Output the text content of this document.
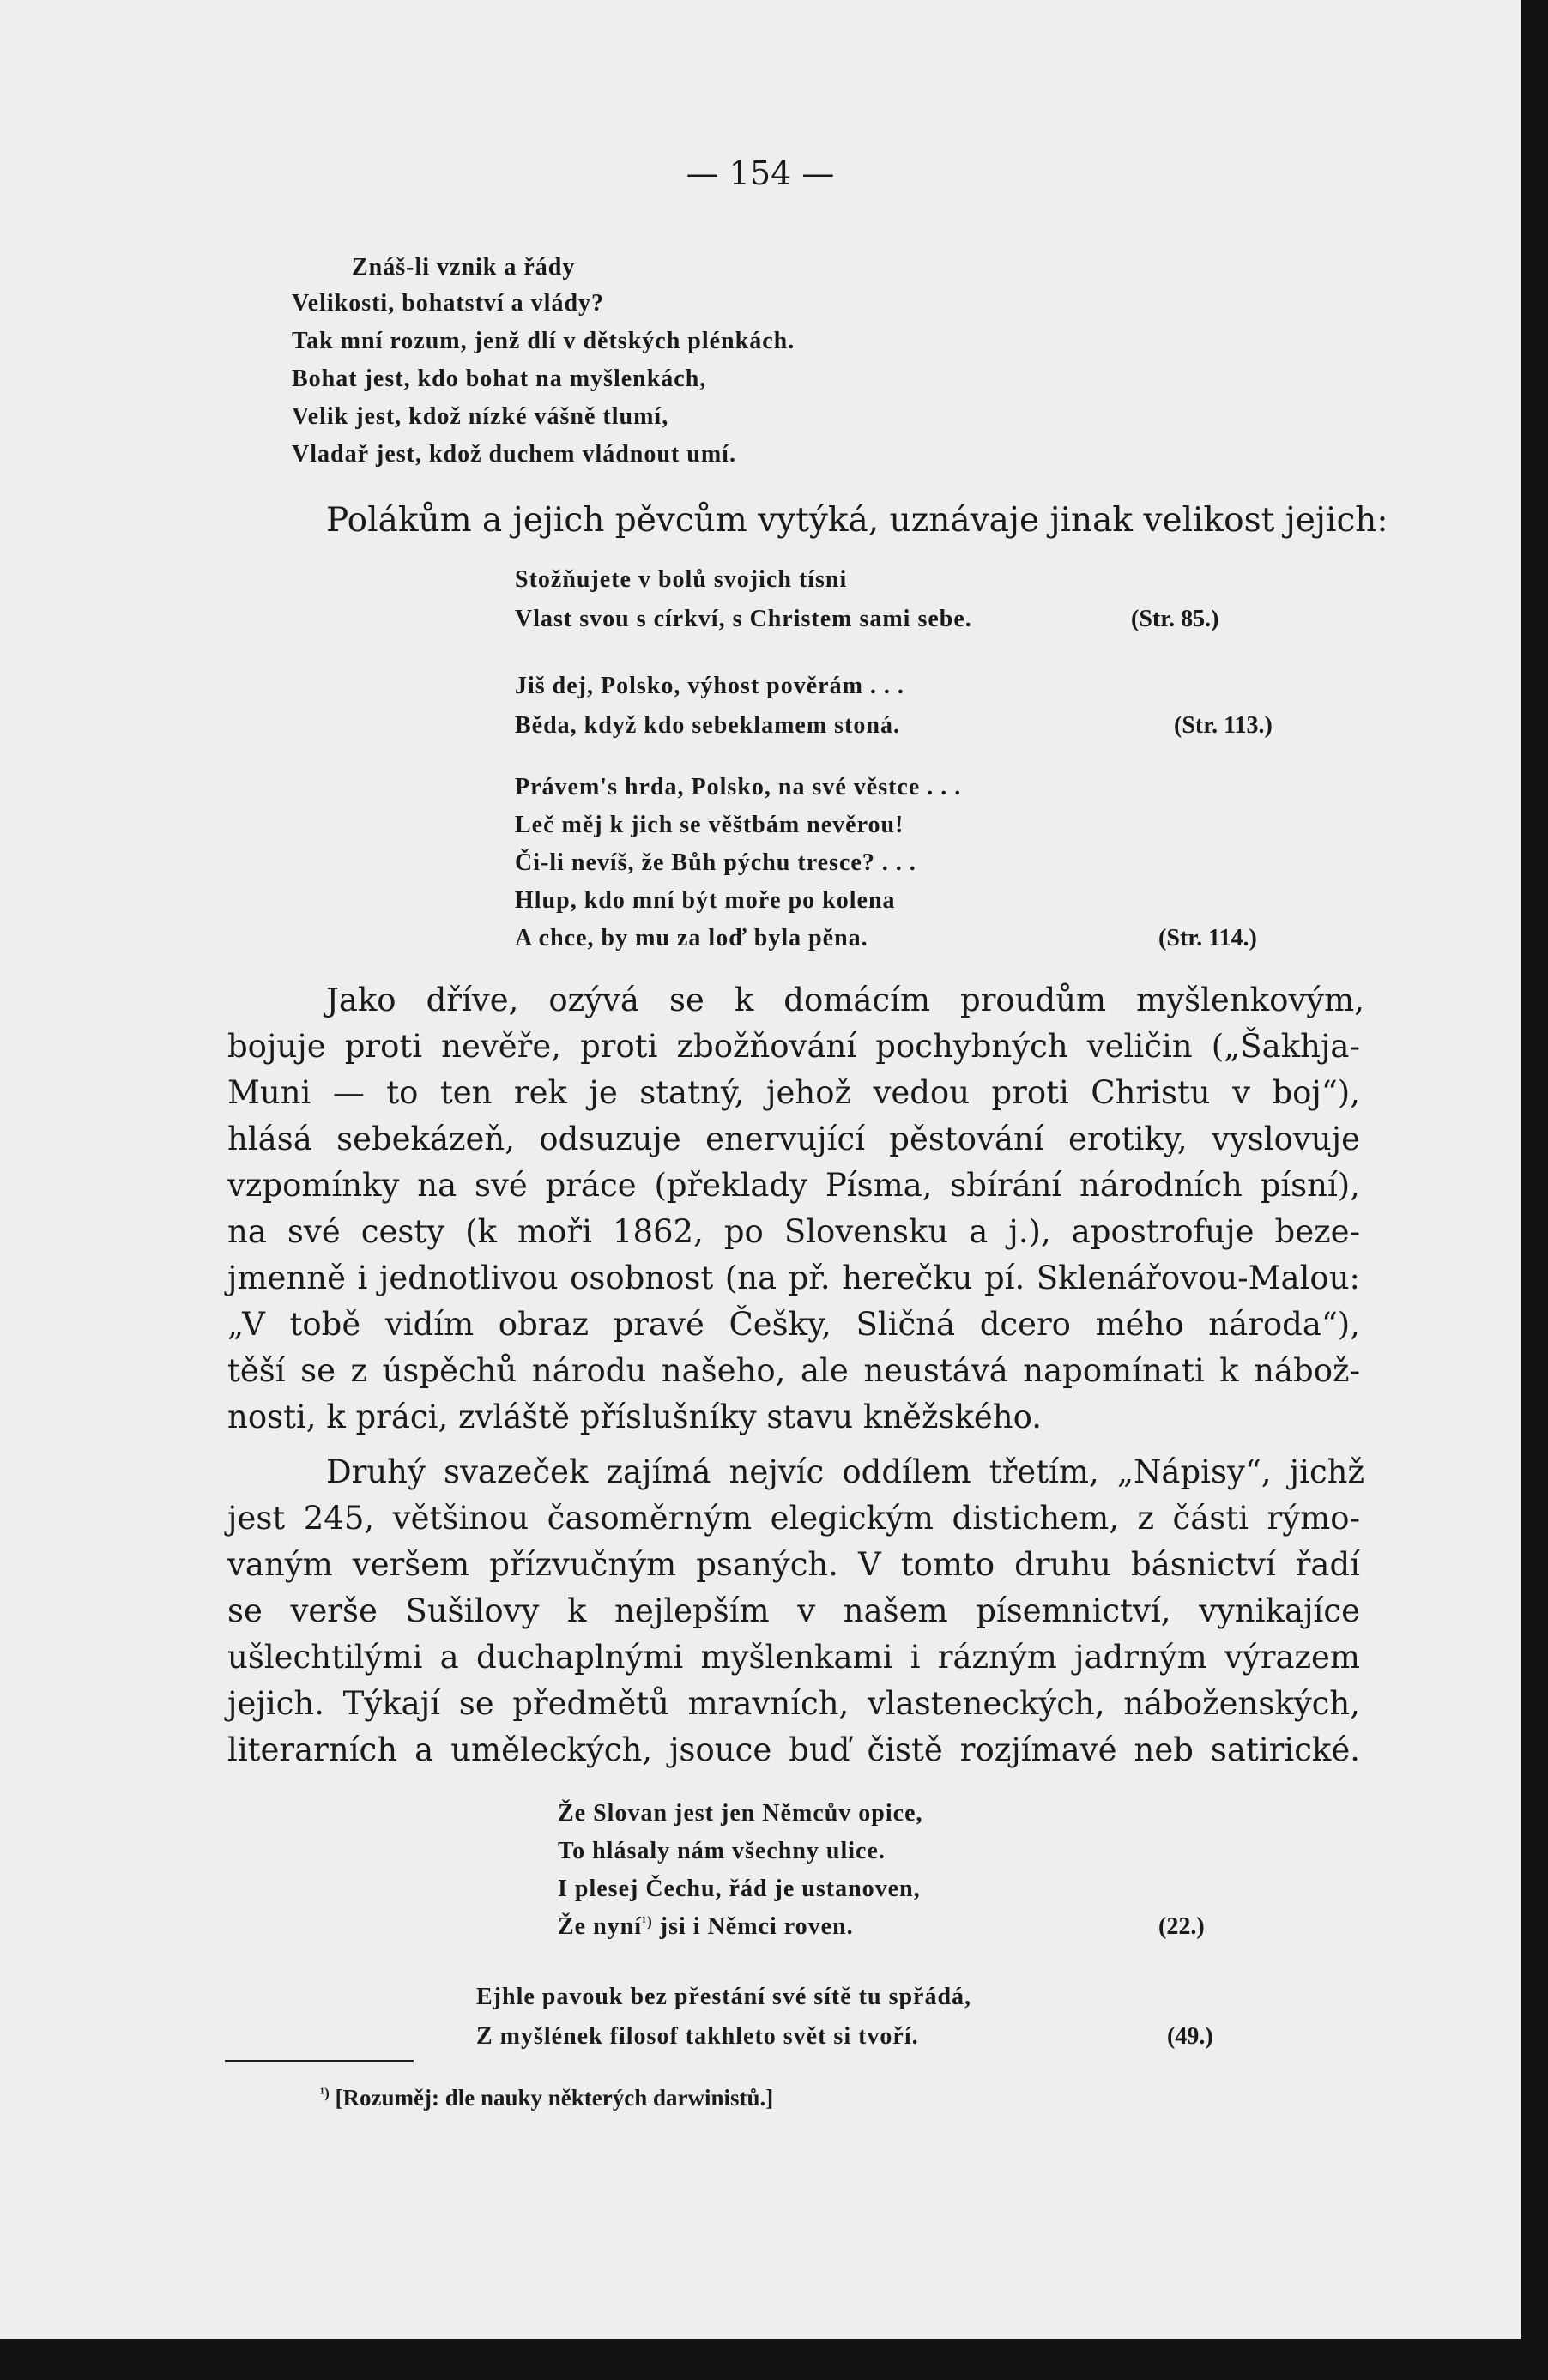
— 154 —
Znáš-li vznik a řády
Velikosti, bohatství a vlády?
Tak mní rozum, jenž dlí v dětských plénkách.
Bohat jest, kdo bohat na myšlenkách,
Velik jest, kdož nízké vášně tlumí,
Vladař jest, kdož duchem vládnout umí.
Polákům a jejich pěvcům vytýká, uznávaje jinak velikost jejich:
Stožňujete v bolů svojich tísni
Vlast svou s církví, s Christem sami sebe.	(Str. 85.)
Jiš dej, Polsko, výhost pověrám . . .
Běda, když kdo sebeklamem stoná.	(Str. 113.)
Právem's hrda, Polsko, na své věstce . . .
Leč měj k jich se věštbám nevěrou!
Či-li nevíš, že Bůh pýchu tresce? . . .
Hlup, kdo mní být moře po kolena
A chce, by mu za loď byla pěna.	(Str. 114.)
Jako dříve, ozývá se k domácím proudům myšlenkovým,
bojuje proti nevěře, proti zbožňování pochybných veličin („Šakhja-
Muni — to ten rek je statný, jehož vedou proti Christu v boj“),
hlásá sebekázeň, odsuzuje enervující pěstování erotiky, vyslovuje
vzpomínky na své práce (překlady Písma, sbírání národních písní),
na své cesty (k moři 1862, po Slovensku a j.), apostrofuje beze-
jmenně i jednotlivou osobnost (na př. herečku pí. Sklenářovou-Malou:
„V tobě vidím obraz pravé Češky, Sličná dcero mého národa“),
těší se z úspěchů národu našeho, ale neustává napomínati k nábož-
nosti, k práci, zvláště příslušníky stavu kněžského.
Druhý svazeček zajímá nejvíc oddílem třetím, „Nápisy“, jichž
jest 245, většinou časoměrným elegickým distichem, z části rýmo-
vaným veršem přízvučným psaných. V tomto druhu básnictví řadí
se verše Sušilovy k nejlepším v našem písemnictví, vynikajíce
ušlechtilými a duchaplnými myšlenkami i rázným jadrným výrazem
jejich. Týkají se předmětů mravních, vlasteneckých, náboženských,
literarních a uměleckých, jsouce buď čistě rozjímavé neb satirické.
Že Slovan jest jen Němcův opice,
To hlásaly nám všechny ulice.
I plesej Čechu, řád je ustanoven,
Že nyní$^{^1)}$ jsi i Němci roven.	(22.)
Ejhle pavouk bez přestání své sítě tu spřádá,
Z myšlének filosof takhleto svět si tvoří.	(49.)
$^{^1)}$ [Rozuměj: dle nauky některých darwinistů.]
